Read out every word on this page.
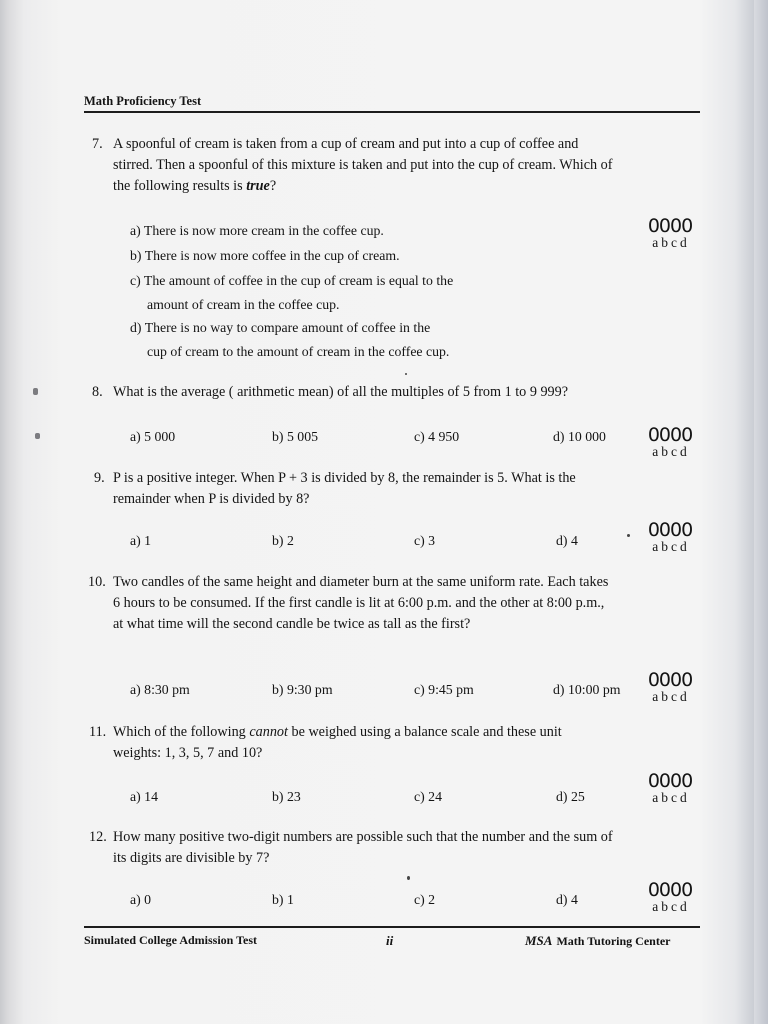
Math Proficiency Test
7. A spoonful of cream is taken from a cup of cream and put into a cup of coffee and stirred. Then a spoonful of this mixture is taken and put into the cup of cream. Which of the following results is true?
a) There is now more cream in the coffee cup.
b) There is now more coffee in the cup of cream.
c) The amount of coffee in the cup of cream is equal to the
amount of cream in the coffee cup.
d) There is no way to compare amount of coffee in the
cup of cream to the amount of cream in the coffee cup.
0000
abcd
8. What is the average ( arithmetic mean) of all the multiples of 5 from 1 to 9 999?
a) 5 000	b) 5 005	c) 4 950	d) 10 000	0000
abcd
9. P is a positive integer. When P + 3 is divided by 8, the remainder is 5. What is the remainder when P is divided by 8?
a) 1	b) 2	c) 3	d) 4	0000
abcd
10. Two candles of the same height and diameter burn at the same uniform rate. Each takes 6 hours to be consumed. If the first candle is lit at 6:00 p.m. and the other at 8:00 p.m., at what time will the second candle be twice as tall as the first?
a) 8:30 pm	b) 9:30 pm	c) 9:45 pm	d) 10:00 pm	0000
abcd
11. Which of the following cannot be weighed using a balance scale and these unit weights: 1, 3, 5, 7 and 10?
a) 14	b) 23	c) 24	d) 25
0000
abcd
12. How many positive two-digit numbers are possible such that the number and the sum of its digits are divisible by 7?
a) 0	b) 1	c) 2	d) 4	0000
abcd
Simulated College Admission Test	ii	MSA Math Tutoring Center
